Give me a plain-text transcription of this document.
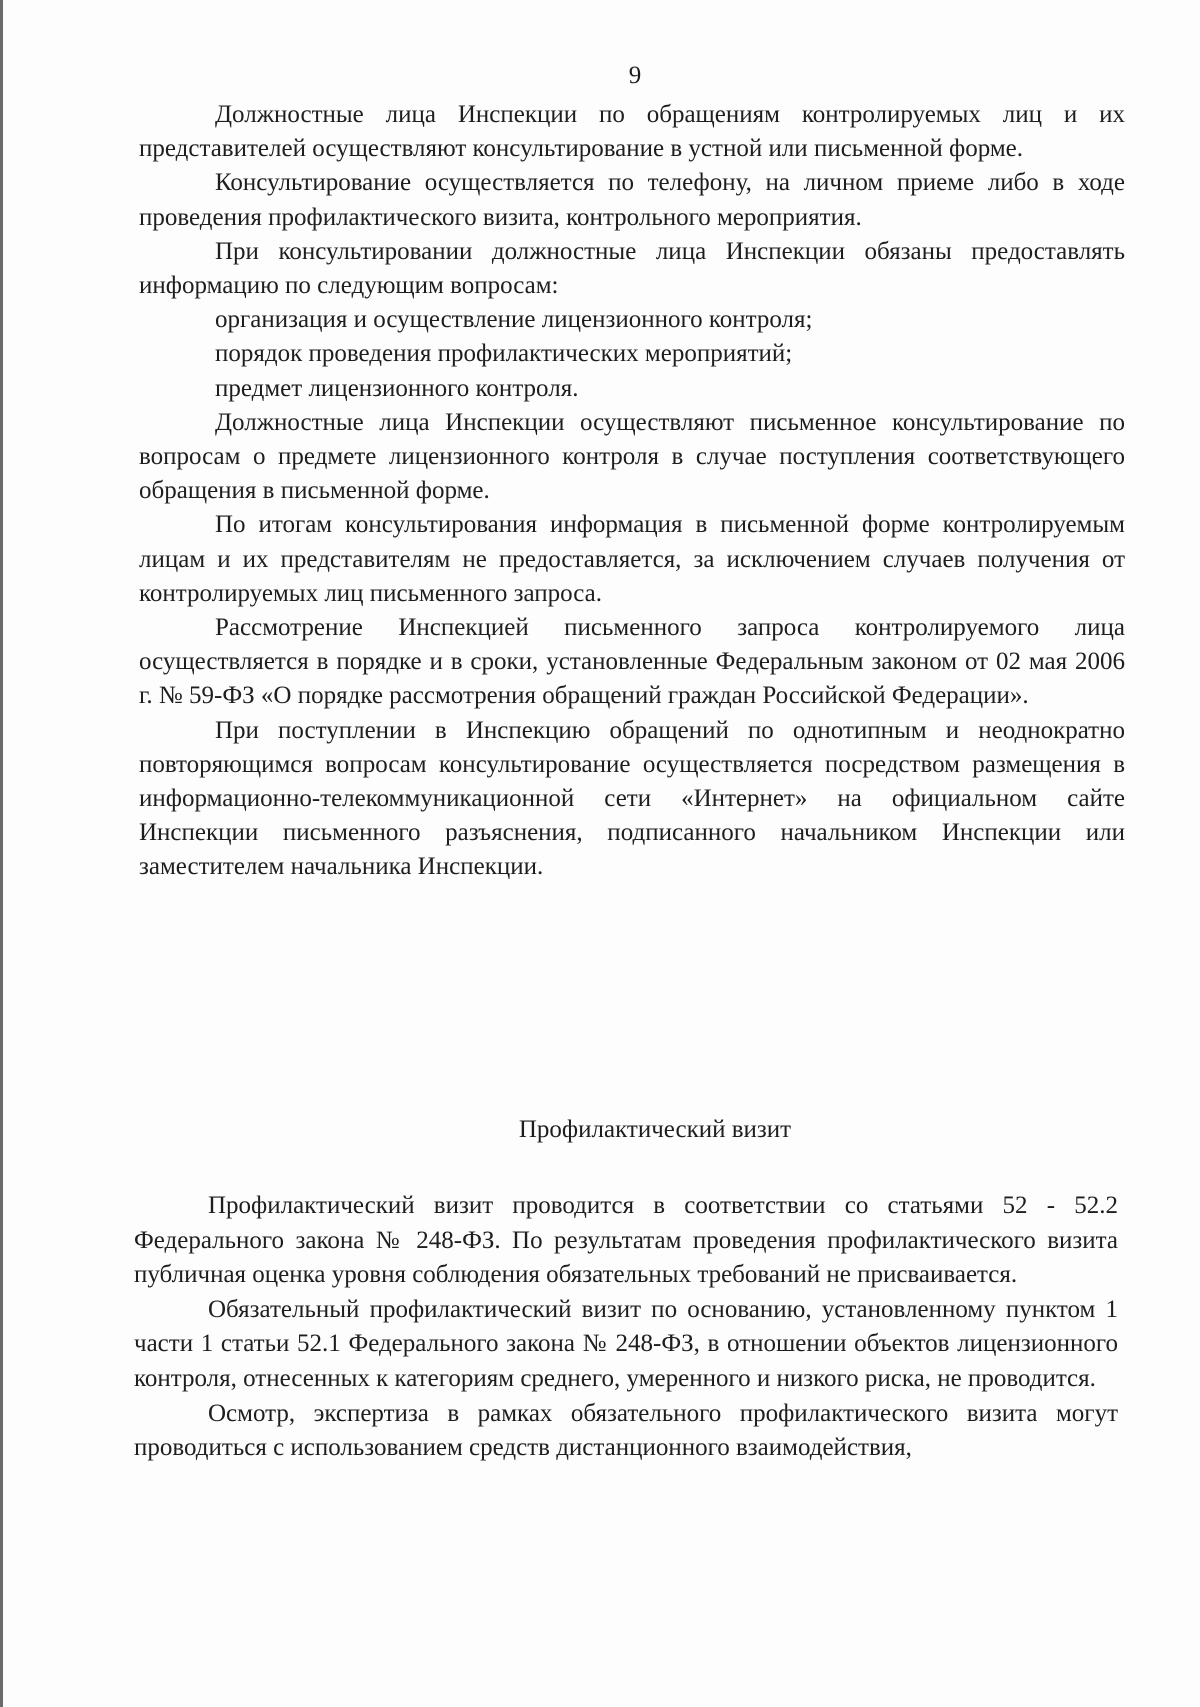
9

Должностные лица Инспекции по обращениям контролируемых лиц и их представителей осуществляют консультирование в устной или письменной форме.

Консультирование осуществляется по телефону, на личном приеме либо в ходе проведения профилактического визита, контрольного мероприятия.

При консультировании должностные лица Инспекции обязаны предоставлять информацию по следующим вопросам:

организация и осуществление лицензионного контроля;

порядок проведения профилактических мероприятий;

предмет лицензионного контроля.

Должностные лица Инспекции осуществляют письменное консультирование по вопросам о предмете лицензионного контроля в случае поступления соответствующего обращения в письменной форме.

По итогам консультирования информация в письменной форме контролируемым лицам и их представителям не предоставляется, за исключением случаев получения от контролируемых лиц письменного запроса.

Рассмотрение Инспекцией письменного запроса контролируемого лица осуществляется в порядке и в сроки, установленные Федеральным законом от 02 мая 2006 г. № 59-ФЗ «О порядке рассмотрения обращений граждан Российской Федерации».

При поступлении в Инспекцию обращений по однотипным и неоднократно повторяющимся вопросам консультирование осуществляется посредством размещения в информационно-телекоммуникационной сети «Интернет» на официальном сайте Инспекции письменного разъяснения, подписанного начальником Инспекции или заместителем начальника Инспекции.

Профилактический визит

Профилактический визит проводится в соответствии со статьями 52 - 52.2 Федерального закона № 248-ФЗ. По результатам проведения профилактического визита публичная оценка уровня соблюдения обязательных требований не присваивается.

Обязательный профилактический визит по основанию, установленному пунктом 1 части 1 статьи 52.1 Федерального закона № 248-ФЗ, в отношении объектов лицензионного контроля, отнесенных к категориям среднего, умеренного и низкого риска, не проводится.

Осмотр, экспертиза в рамках обязательного профилактического визита могут проводиться с использованием средств дистанционного взаимодействия,
